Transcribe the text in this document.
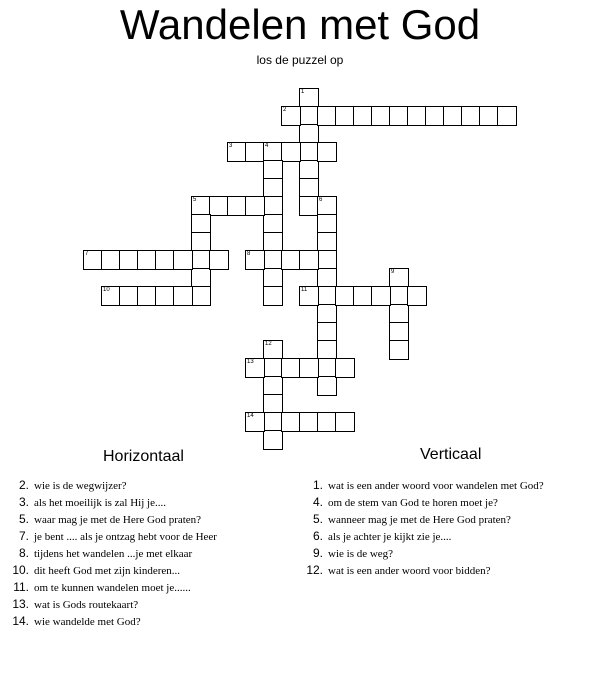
Wandelen met God
los de puzzel op
1
2
3	4
5	6
7	8
9
10	11
12
13
14
Horizontaal	Verticaal
2. wie is de wegwijzer?
3. als het moeilijk is zal Hij je....
5. waar mag je met de Here God praten?
7. je bent .... als je ontzag hebt voor de Heer
8. tijdens het wandelen ...je met elkaar
10. dit heeft God met zijn kinderen...
11. om te kunnen wandelen moet je......
13. wat is Gods routekaart?
14. wie wandelde met God?
1. wat is een ander woord voor wandelen met God?
4. om de stem van God te horen moet je?
5. wanneer mag je met de Here God praten?
6. als je achter je kijkt zie je....
9. wie is de weg?
12. wat is een ander woord voor bidden?
